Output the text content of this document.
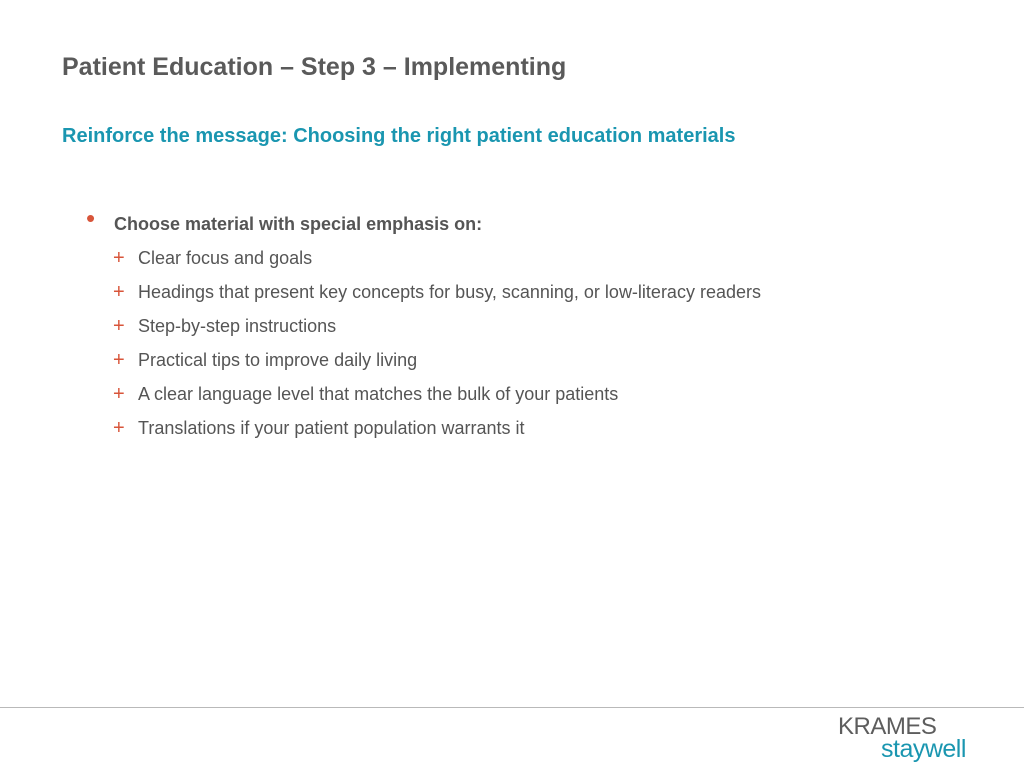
Patient Education – Step 3 – Implementing
Reinforce the message: Choosing the right patient education materials
• Choose material with special emphasis on:
+ Clear focus and goals
+ Headings that present key concepts for busy, scanning, or low-literacy readers
+ Step-by-step instructions
+ Practical tips to improve daily living
+ A clear language level that matches the bulk of your patients
+ Translations if your patient population warrants it
KRAMES
staywell
